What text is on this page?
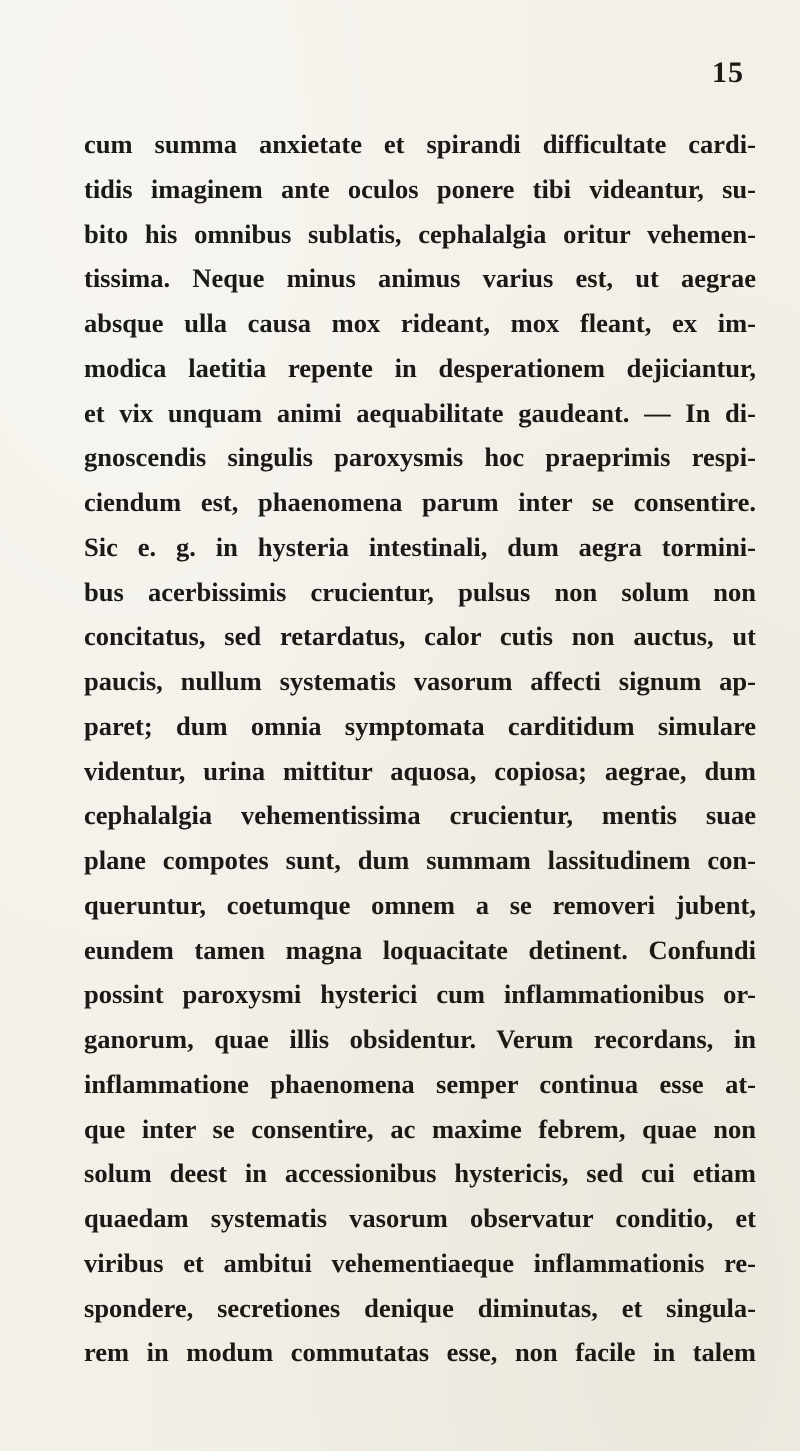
15
cum summa anxietate et spirandi difficultate cardi-
tidis imaginem ante oculos ponere tibi videantur, su-
bito his omnibus sublatis, cephalalgia oritur vehemen-
tissima. Neque minus animus varius est, ut aegrae
absque ulla causa mox rideant, mox fleant, ex im-
modica laetitia repente in desperationem dejiciantur,
et vix unquam animi aequabilitate gaudeant. — In di-
gnoscendis singulis paroxysmis hoc praeprimis respi-
ciendum est, phaenomena parum inter se consentire.
Sic e. g. in hysteria intestinali, dum aegra tormini-
bus acerbissimis crucientur, pulsus non solum non
concitatus, sed retardatus, calor cutis non auctus, ut
paucis, nullum systematis vasorum affecti signum ap-
paret; dum omnia symptomata carditidum simulare
videntur, urina mittitur aquosa, copiosa; aegrae, dum
cephalalgia vehementissima crucientur, mentis suae
plane compotes sunt, dum summam lassitudinem con-
queruntur, coetumque omnem a se removeri jubent,
eundem tamen magna loquacitate detinent. Confundi
possint paroxysmi hysterici cum inflammationibus or-
ganorum, quae illis obsidentur. Verum recordans, in
inflammatione phaenomena semper continua esse at-
que inter se consentire, ac maxime febrem, quae non
solum deest in accessionibus hystericis, sed cui etiam
quaedam systematis vasorum observatur conditio, et
viribus et ambitui vehementiaeque inflammationis re-
spondere, secretiones denique diminutas, et singula-
rem in modum commutatas esse, non facile in talem
